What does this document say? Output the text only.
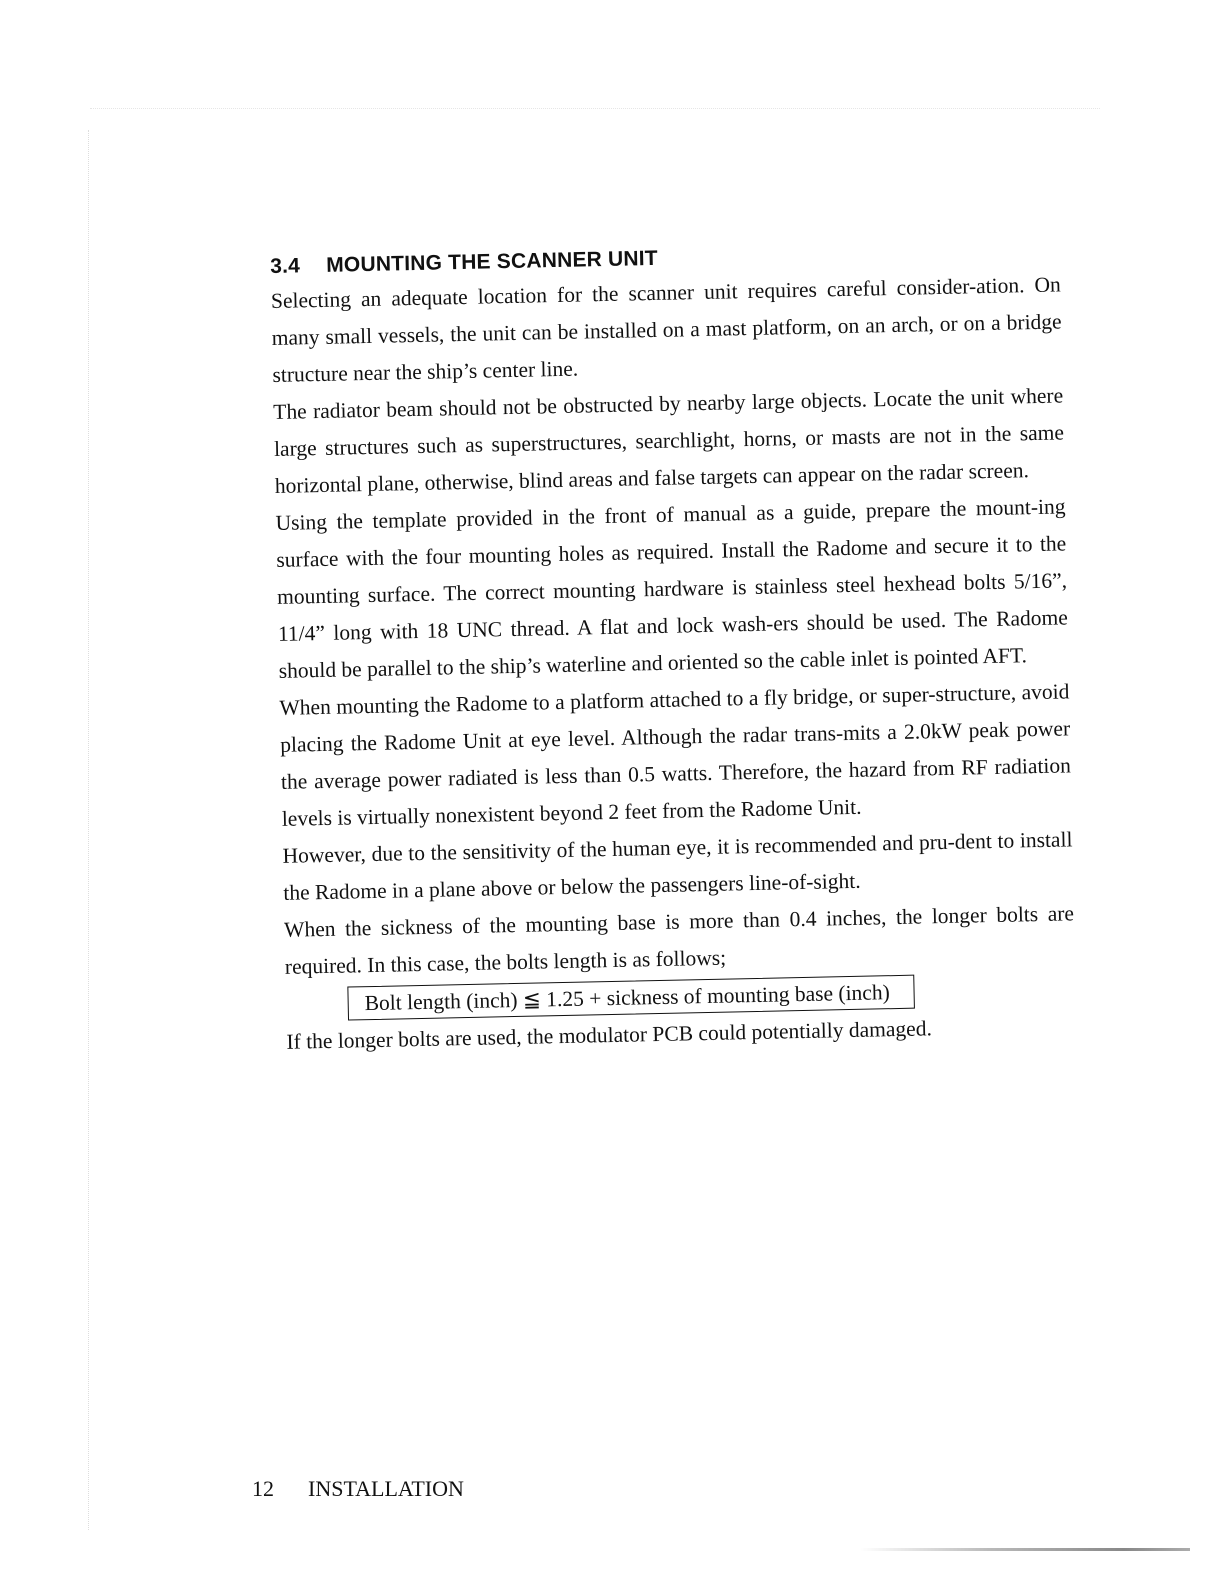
3.4 MOUNTING THE SCANNER UNIT

Selecting an adequate location for the scanner unit requires careful consider-ation. On many small vessels, the unit can be installed on a mast platform, on an arch, or on a bridge structure near the ship’s center line.

The radiator beam should not be obstructed by nearby large objects. Locate the unit where large structures such as superstructures, searchlight, horns, or masts are not in the same horizontal plane, otherwise, blind areas and false targets can appear on the radar screen.

Using the template provided in the front of manual as a guide, prepare the mount-ing surface with the four mounting holes as required. Install the Radome and secure it to the mounting surface. The correct mounting hardware is stainless steel hexhead bolts 5/16”, 11/4” long with 18 UNC thread. A flat and lock wash-ers should be used. The Radome should be parallel to the ship’s waterline and oriented so the cable inlet is pointed AFT.

When mounting the Radome to a platform attached to a fly bridge, or super-structure, avoid placing the Radome Unit at eye level. Although the radar trans-mits a 2.0kW peak power the average power radiated is less than 0.5 watts. Therefore, the hazard from RF radiation levels is virtually nonexistent beyond 2 feet from the Radome Unit.

However, due to the sensitivity of the human eye, it is recommended and pru-dent to install the Radome in a plane above or below the passengers line-of-sight.

When the sickness of the mounting base is more than 0.4 inches, the longer bolts are required. In this case, the bolts length is as follows;

Bolt length (inch) ≦ 1.25 + sickness of mounting base (inch)

If the longer bolts are used, the modulator PCB could potentially damaged.

12 INSTALLATION
